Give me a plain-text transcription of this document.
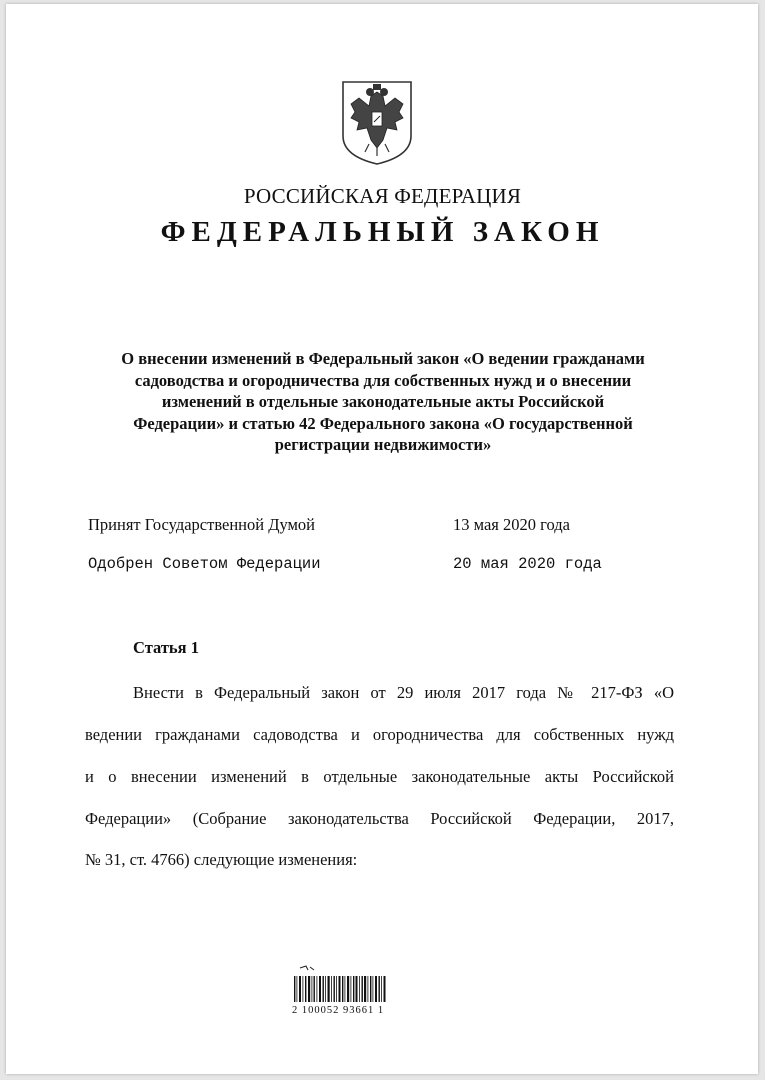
РОССИЙСКАЯ ФЕДЕРАЦИЯ
ФЕДЕРАЛЬНЫЙ ЗАКОН
О внесении изменений в Федеральный закон «О ведении гражданами
садоводства и огородничества для собственных нужд и о внесении
изменений в отдельные законодательные акты Российской
Федерации» и статью 42 Федерального закона «О государственной
регистрации недвижимости»
Принят Государственной Думой	13 мая 2020 года
Одобрен Советом Федерации	20 мая 2020 года
Статья 1
Внести в Федеральный закон от 29 июля 2017 года № 217-ФЗ «О
ведении гражданами садоводства и огородничества для собственных нужд
и о внесении изменений в отдельные законодательные акты Российской
Федерации» (Собрание законодательства Российской Федерации, 2017,
№ 31, ст. 4766) следующие изменения:
2 100052 93661 1
